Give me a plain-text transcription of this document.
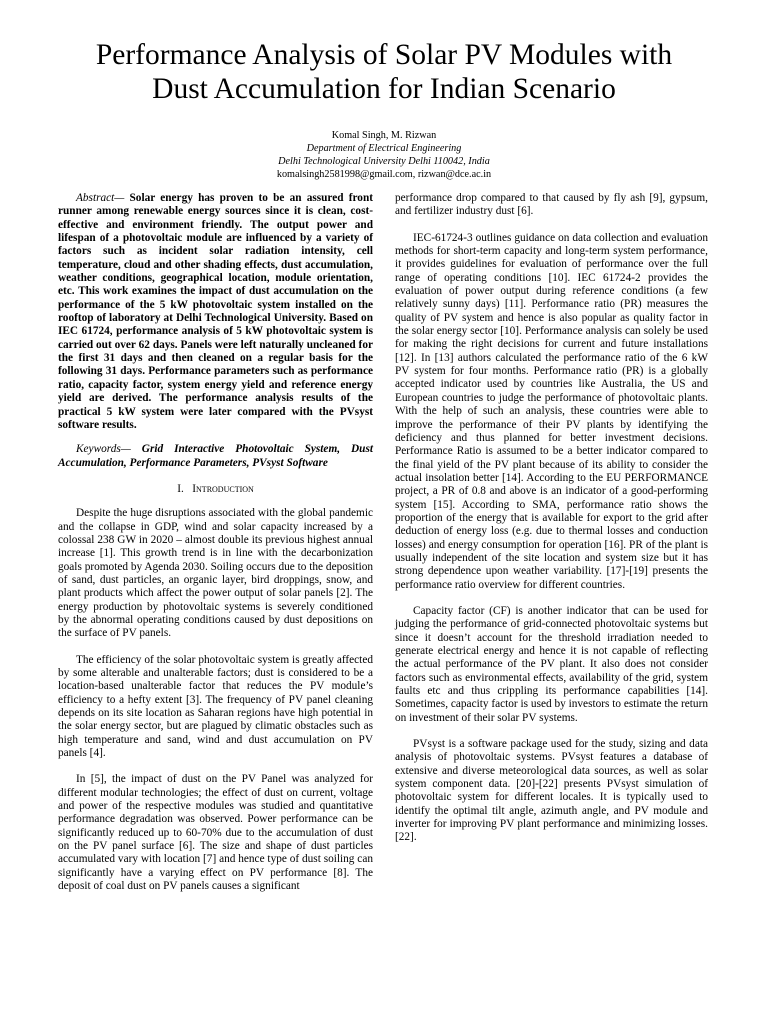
Performance Analysis of Solar PV Modules with
Dust Accumulation for Indian Scenario
Komal Singh, M. Rizwan
Department of Electrical Engineering
Delhi Technological University Delhi 110042, India
komalsingh2581998@gmail.com, rizwan@dce.ac.in

Abstract— Solar energy has proven to be an assured front runner among renewable energy sources since it is clean, cost-effective and environment friendly. The output power and lifespan of a photovoltaic module are influenced by a variety of factors such as incident solar radiation intensity, cell temperature, cloud and other shading effects, dust accumulation, weather conditions, geographical location, module orientation, etc. This work examines the impact of dust accumulation on the performance of the 5 kW photovoltaic system installed on the rooftop of laboratory at Delhi Technological University. Based on IEC 61724, performance analysis of 5 kW photovoltaic system is carried out over 62 days. Panels were left naturally uncleaned for the first 31 days and then cleaned on a regular basis for the following 31 days. Performance parameters such as performance ratio, capacity factor, system energy yield and reference energy yield are derived. The performance analysis results of the practical 5 kW system were later compared with the PVsyst software results.

Keywords— Grid Interactive Photovoltaic System, Dust Accumulation, Performance Parameters, PVsyst Software

I. Introduction

Despite the huge disruptions associated with the global pandemic and the collapse in GDP, wind and solar capacity increased by a colossal 238 GW in 2020 – almost double its previous highest annual increase [1]. This growth trend is in line with the decarbonization goals promoted by Agenda 2030. Soiling occurs due to the deposition of sand, dust particles, an organic layer, bird droppings, snow, and plant products which affect the power output of solar panels [2]. The energy production by photovoltaic systems is severely conditioned by the abnormal operating conditions caused by dust depositions on the surface of PV panels.

The efficiency of the solar photovoltaic system is greatly affected by some alterable and unalterable factors; dust is considered to be a location-based unalterable factor that reduces the PV module’s efficiency to a hefty extent [3]. The frequency of PV panel cleaning depends on its site location as Saharan regions have high potential in the solar energy sector, but are plagued by climatic obstacles such as high temperature and sand, wind and dust accumulation on PV panels [4].

In [5], the impact of dust on the PV Panel was analyzed for different modular technologies; the effect of dust on current, voltage and power of the respective modules was studied and quantitative performance degradation was observed. Power performance can be significantly reduced up to 60-70% due to the accumulation of dust on the PV panel surface [6]. The size and shape of dust particles accumulated vary with location [7] and hence type of dust soiling can significantly have a varying effect on PV performance [8]. The deposit of coal dust on PV panels causes a significant

performance drop compared to that caused by fly ash [9], gypsum, and fertilizer industry dust [6].

IEC-61724-3 outlines guidance on data collection and evaluation methods for short-term capacity and long-term system performance, it provides guidelines for evaluation of performance over the full range of operating conditions [10]. IEC 61724-2 provides the evaluation of power output during reference conditions (a few relatively sunny days) [11]. Performance ratio (PR) measures the quality of PV system and hence is also popular as quality factor in the solar energy sector [10]. Performance analysis can solely be used for making the right decisions for current and future installations [12]. In [13] authors calculated the performance ratio of the 6 kW PV system for four months. Performance ratio (PR) is a globally accepted indicator used by countries like Australia, the US and European countries to judge the performance of photovoltaic plants. With the help of such an analysis, these countries were able to improve the performance of their PV plants by identifying the deficiency and thus planned for better investment decisions. Performance Ratio is assumed to be a better indicator compared to the final yield of the PV plant because of its ability to consider the actual insolation better [14]. According to the EU PERFORMANCE project, a PR of 0.8 and above is an indicator of a good-performing system [15]. According to SMA, performance ratio shows the proportion of the energy that is available for export to the grid after deduction of energy loss (e.g. due to thermal losses and conduction losses) and energy consumption for operation [16]. PR of the plant is usually independent of the site location and system size but it has strong dependence upon weather variability. [17]-[19] presents the performance ratio overview for different countries.

Capacity factor (CF) is another indicator that can be used for judging the performance of grid-connected photovoltaic systems but since it doesn’t account for the threshold irradiation needed to generate electrical energy and hence it is not capable of reflecting the actual performance of the PV plant. It also does not consider factors such as environmental effects, availability of the grid, system faults etc and thus crippling its performance capabilities [14]. Sometimes, capacity factor is used by investors to estimate the return on investment of their solar PV systems.

PVsyst is a software package used for the study, sizing and data analysis of photovoltaic systems. PVsyst features a database of extensive and diverse meteorological data sources, as well as solar system component data. [20]-[22] presents PVsyst simulation of photovoltaic system for different locales. It is typically used to identify the optimal tilt angle, azimuth angle, and PV module and inverter for improving PV plant performance and minimizing losses. [22].
